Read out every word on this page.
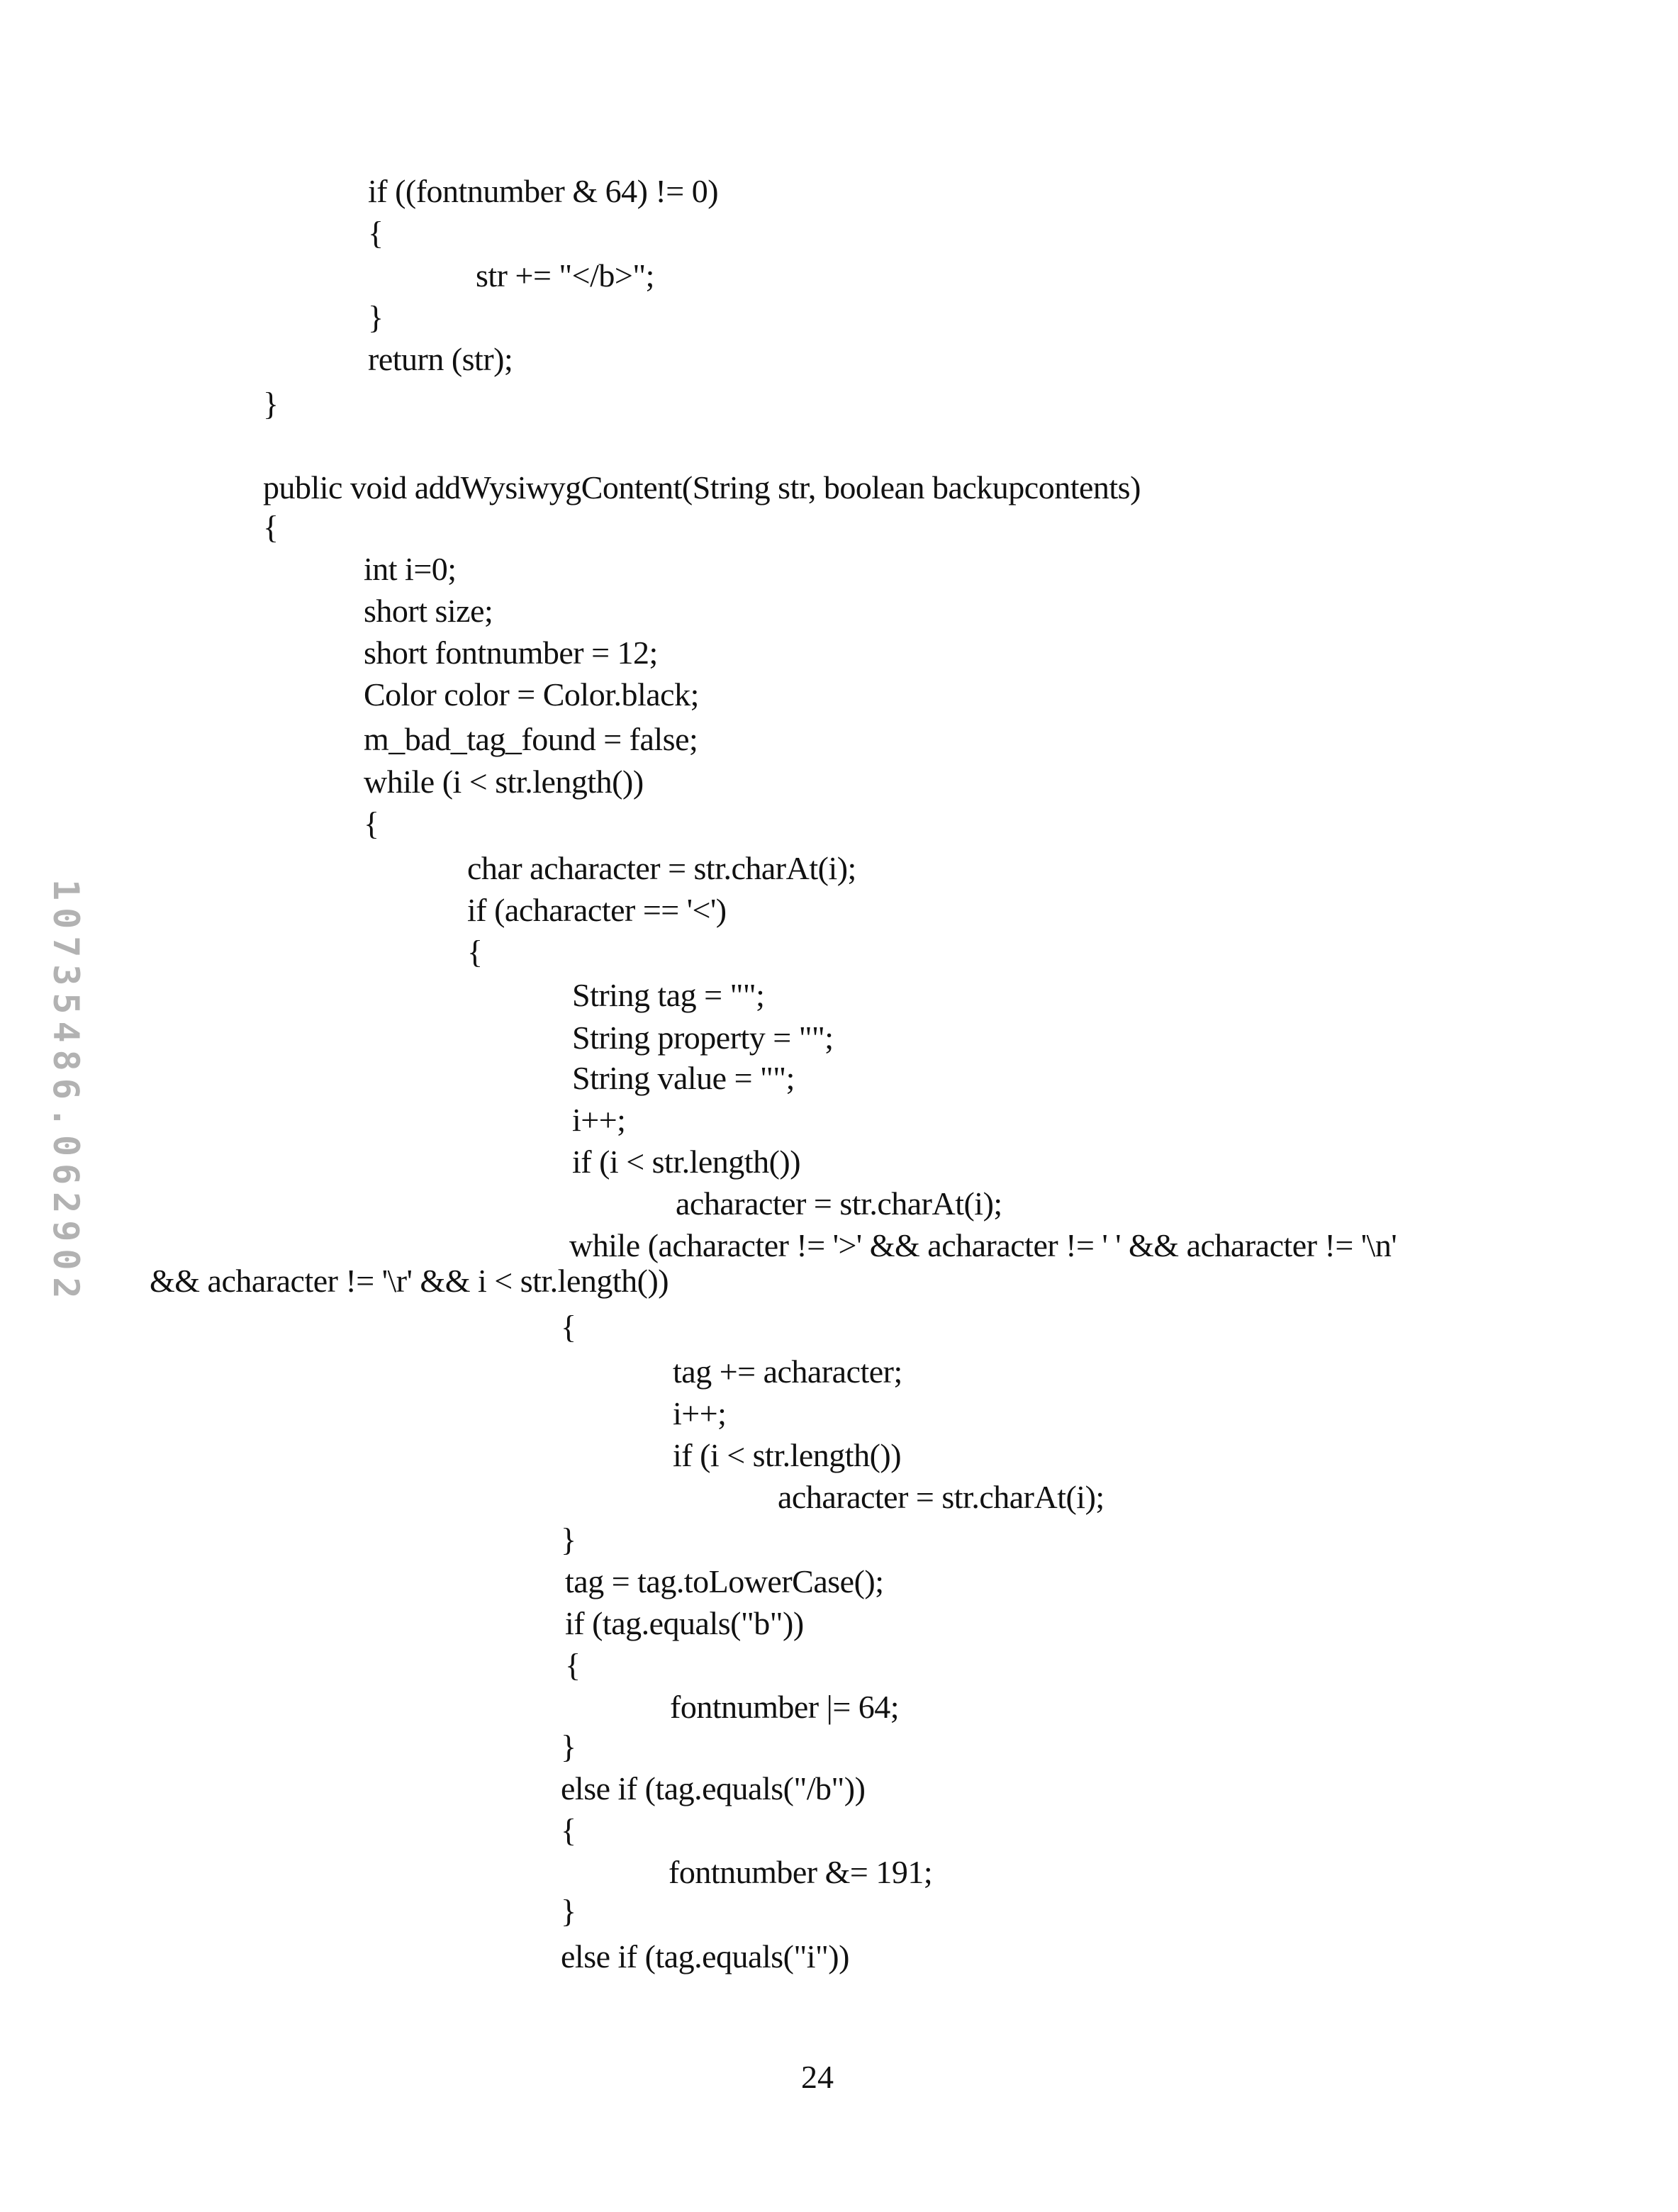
10735486.062902
if ((fontnumber & 64) != 0)
{
str += "</b>";
}
return (str);
}
public void addWysiwygContent(String str, boolean backupcontents)
{
int i=0;
short size;
short fontnumber = 12;
Color color = Color.black;
m_bad_tag_found = false;
while (i < str.length())
{
char acharacter = str.charAt(i);
if (acharacter == '<')
{
String tag = "";
String property = "";
String value = "";
i++;
if (i < str.length())
acharacter = str.charAt(i);
while (acharacter != '>' && acharacter != ' ' && acharacter != '\n'
&& acharacter != '\r' && i < str.length())
{
tag += acharacter;
i++;
if (i < str.length())
acharacter = str.charAt(i);
}
tag = tag.toLowerCase();
if (tag.equals("b"))
{
fontnumber |= 64;
}
else if (tag.equals("/b"))
{
fontnumber &= 191;
}
else if (tag.equals("i"))
24
